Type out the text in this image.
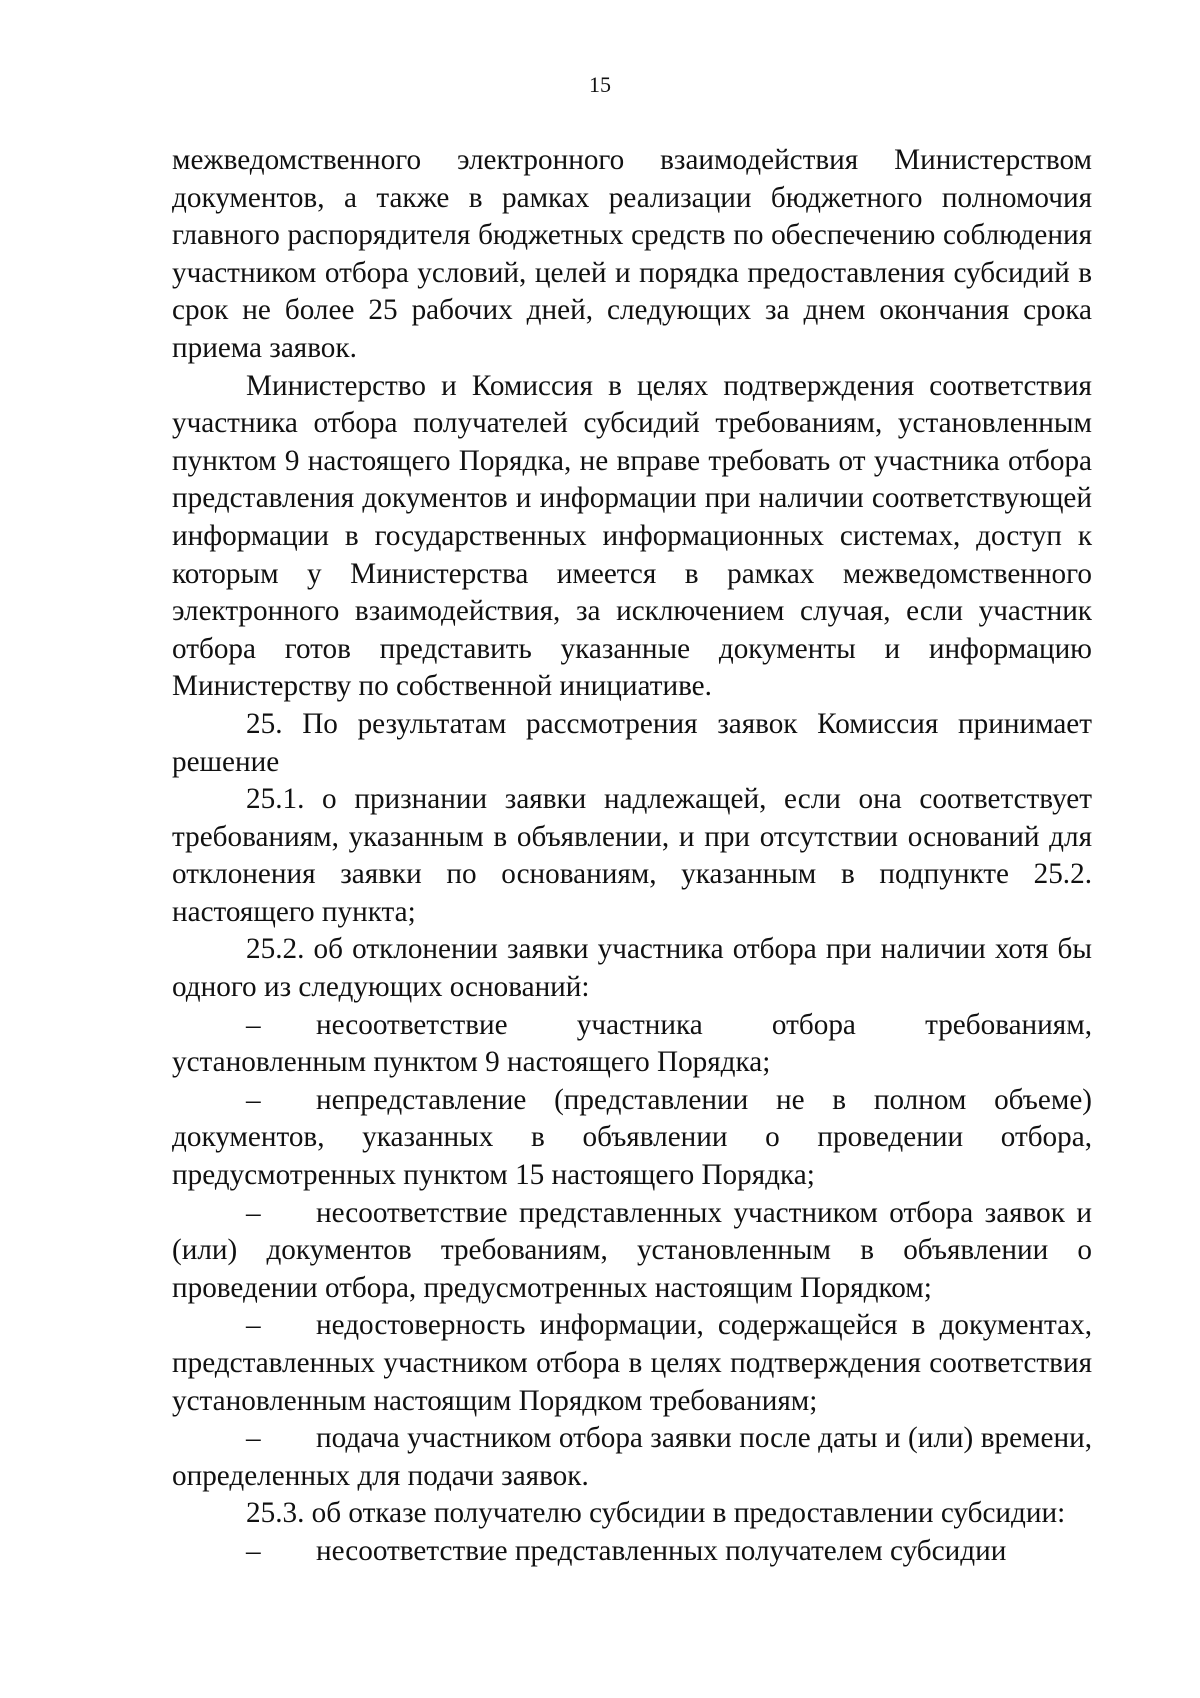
15

межведомственного электронного взаимодействия Министерством документов, а также в рамках реализации бюджетного полномочия главного распорядителя бюджетных средств по обеспечению соблюдения участником отбора условий, целей и порядка предоставления субсидий в срок не более 25 рабочих дней, следующих за днем окончания срока приема заявок.

Министерство и Комиссия в целях подтверждения соответствия участника отбора получателей субсидий требованиям, установленным пунктом 9 настоящего Порядка, не вправе требовать от участника отбора представления документов и информации при наличии соответствующей информации в государственных информационных системах, доступ к которым у Министерства имеется в рамках межведомственного электронного взаимодействия, за исключением случая, если участник отбора готов представить указанные документы и информацию Министерству по собственной инициативе.

25. По результатам рассмотрения заявок Комиссия принимает решение

25.1. о признании заявки надлежащей, если она соответствует требованиям, указанным в объявлении, и при отсутствии оснований для отклонения заявки по основаниям, указанным в подпункте 25.2. настоящего пункта;

25.2. об отклонении заявки участника отбора при наличии хотя бы одного из следующих оснований:

– несоответствие участника отбора требованиям, установленным пунктом 9 настоящего Порядка;

– непредставление (представлении не в полном объеме) документов, указанных в объявлении о проведении отбора, предусмотренных пунктом 15 настоящего Порядка;

– несоответствие представленных участником отбора заявок и (или) документов требованиям, установленным в объявлении о проведении отбора, предусмотренных настоящим Порядком;

– недостоверность информации, содержащейся в документах, представленных участником отбора в целях подтверждения соответствия установленным настоящим Порядком требованиям;

– подача участником отбора заявки после даты и (или) времени, определенных для подачи заявок.

25.3. об отказе получателю субсидии в предоставлении субсидии:

– несоответствие представленных получателем субсидии
